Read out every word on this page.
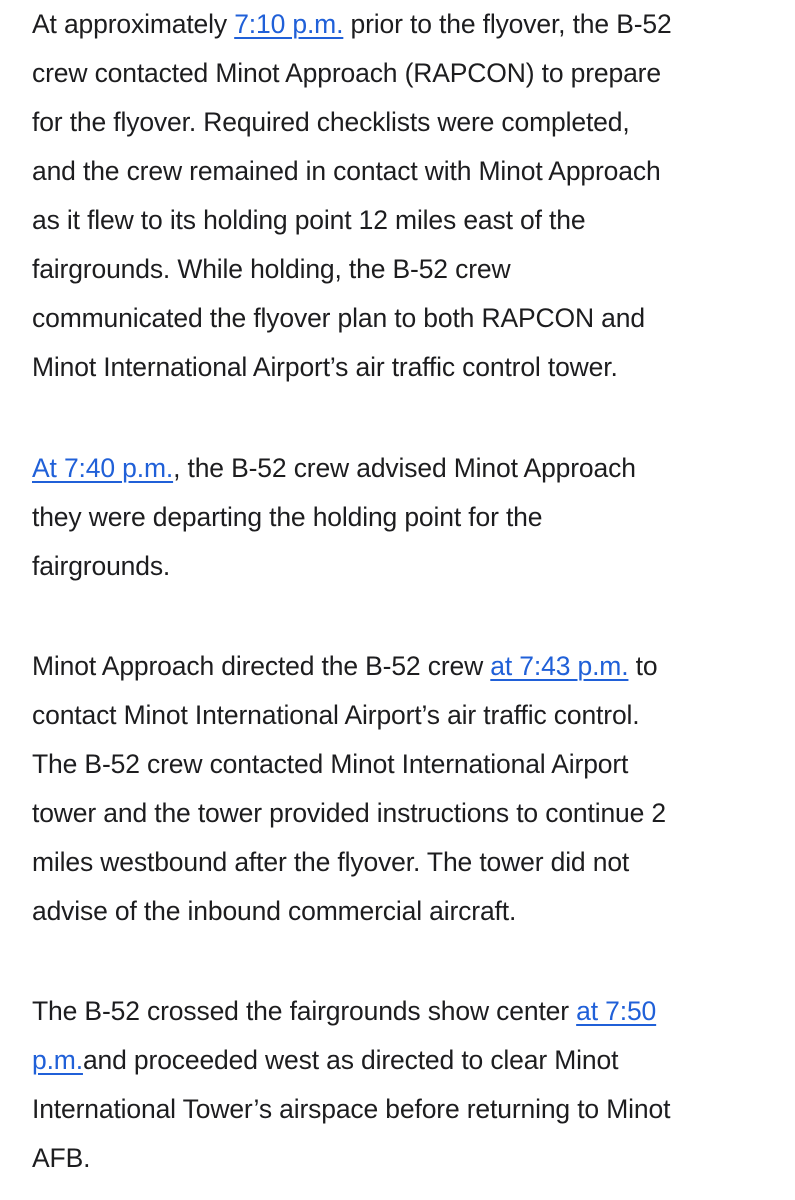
At approximately 7:10 p.m. prior to the flyover, the B-52
crew contacted Minot Approach (RAPCON) to prepare
for the flyover. Required checklists were completed,
and the crew remained in contact with Minot Approach
as it flew to its holding point 12 miles east of the
fairgrounds. While holding, the B-52 crew
communicated the flyover plan to both RAPCON and
Minot International Airport’s air traffic control tower.

At 7:40 p.m., the B-52 crew advised Minot Approach
they were departing the holding point for the
fairgrounds.

Minot Approach directed the B-52 crew at 7:43 p.m. to
contact Minot International Airport’s air traffic control.
The B-52 crew contacted Minot International Airport
tower and the tower provided instructions to continue 2
miles westbound after the flyover. The tower did not
advise of the inbound commercial aircraft.

The B-52 crossed the fairgrounds show center at 7:50
p.m.and proceeded west as directed to clear Minot
International Tower’s airspace before returning to Minot
AFB.
